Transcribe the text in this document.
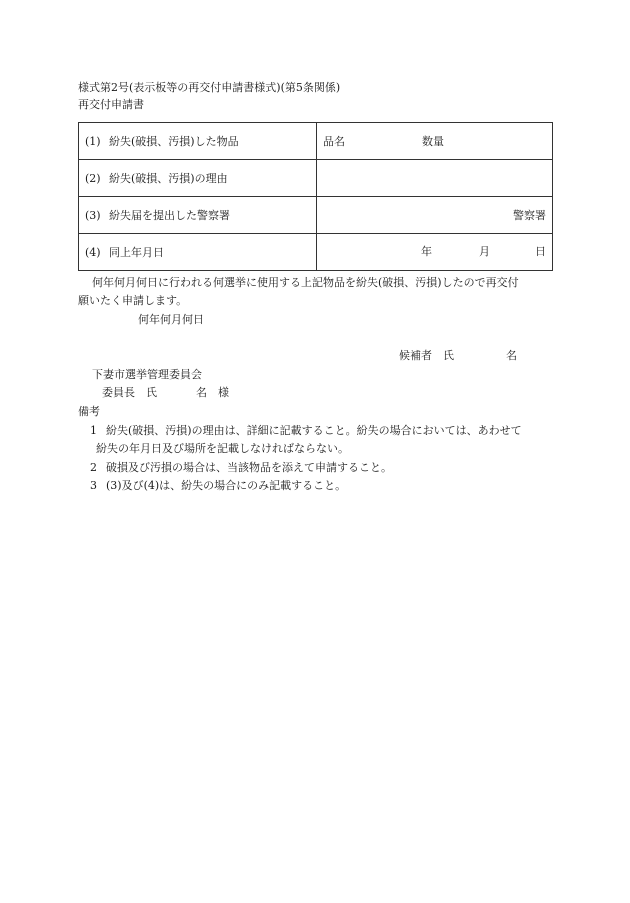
様式第2号(表示板等の再交付申請書様式)(第5条関係)
再交付申請書
(1) 紛失(破損、汚損)した物品	品名 数量
(2) 紛失(破損、汚損)の理由	
(3) 紛失届を提出した警察署	警察署
(4) 同上年月日	年 月 日
何年何月何日に行われる何選挙に使用する上記物品を紛失(破損、汚損)したので再交付
願いたく申請します。
何年何月何日
候補者　氏	名
下妻市選挙管理委員会
委員長　氏	名　様
備考
1 紛失(破損、汚損)の理由は、詳細に記載すること。紛失の場合においては、あわせて
紛失の年月日及び場所を記載しなければならない。
2 破損及び汚損の場合は、当該物品を添えて申請すること。
3 (3)及び(4)は、紛失の場合にのみ記載すること。
